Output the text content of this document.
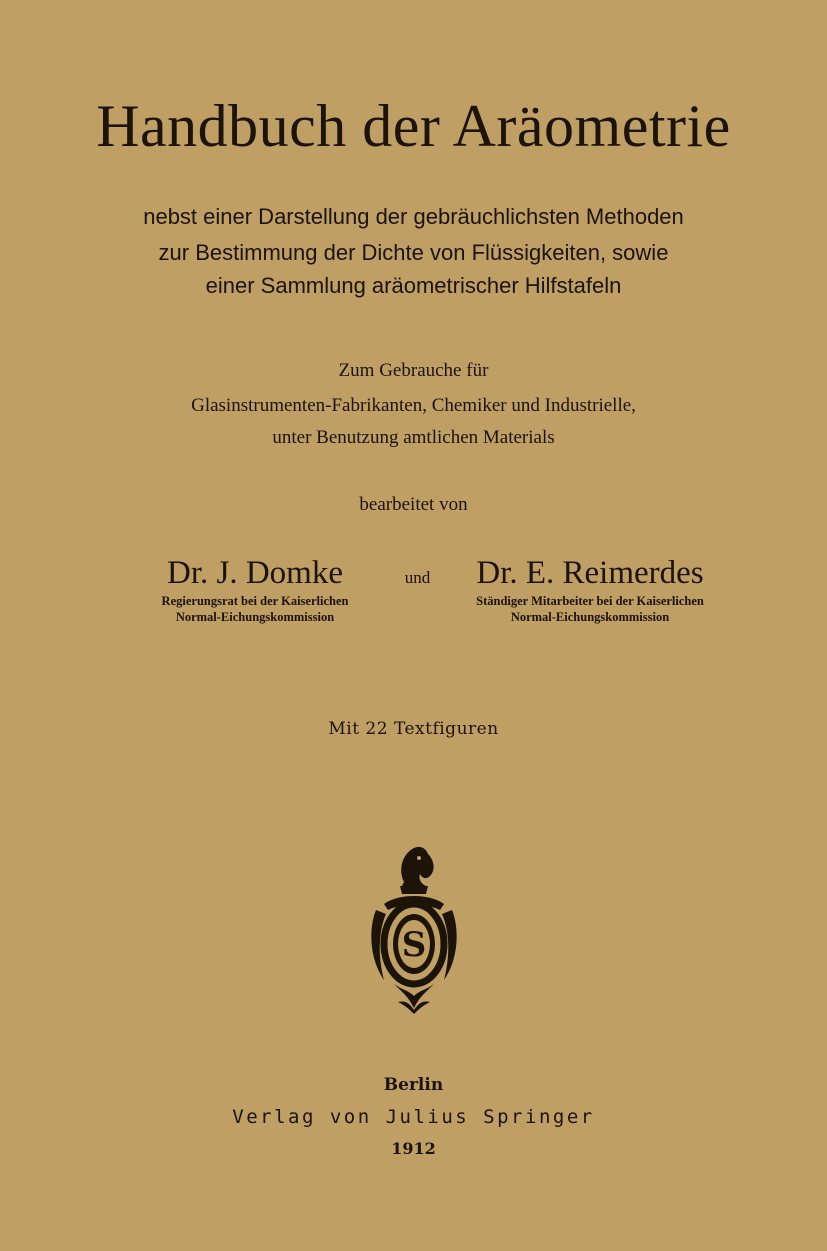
Handbuch der Aräometrie
nebst einer Darstellung der gebräuchlichsten Methoden
zur Bestimmung der Dichte von Flüssigkeiten, sowie
einer Sammlung aräometrischer Hilfstafeln
Zum Gebrauche für
Glasinstrumenten-Fabrikanten, Chemiker und Industrielle,
unter Benutzung amtlichen Materials
bearbeitet von
Dr. J. Domke
Regierungsrat bei der Kaiserlichen
Normal-Eichungskommission
und	Dr. E. Reimerdes
Ständiger Mitarbeiter bei der Kaiserlichen
Normal-Eichungskommission
Mit 22 Textfiguren
S
Berlin
Verlag von Julius Springer
1912
